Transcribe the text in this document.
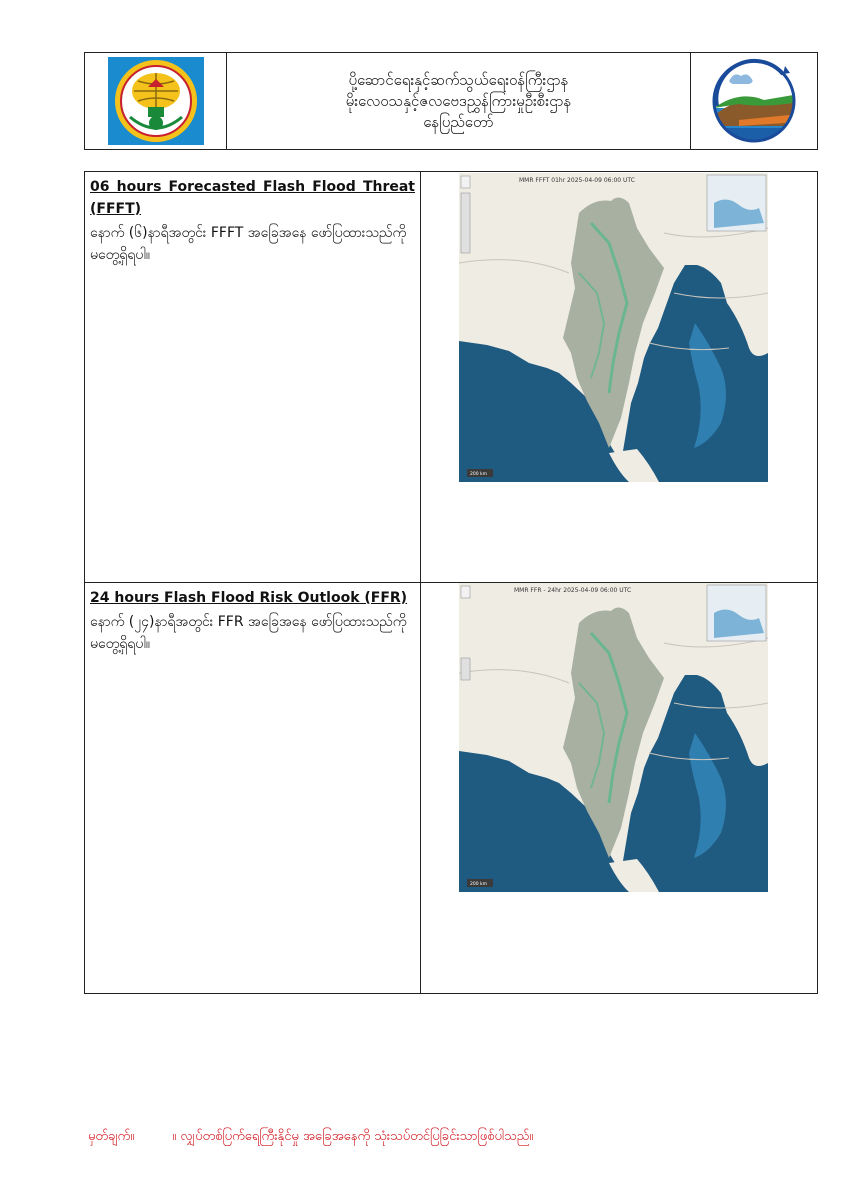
ပို့ဆောင်ရေးနှင့်ဆက်သွယ်ရေးဝန်ကြီးဌာန
မိုးလေဝသနှင့်ဇလဗေဒညွှန်ကြားမှုဦးစီးဌာန
နေပြည်တော်
06 hours Forecasted Flash Flood Threat (FFFT)
နောက် (၆)နာရီအတွင်း FFFT အခြေအနေ ဖော်ပြထားသည်ကို မတွေ့ရှိရပါ။
MMR FFFT 01hr 2025-04-09 06:00 UTC
200 km
24 hours Flash Flood Risk Outlook (FFR)
နောက် (၂၄)နာရီအတွင်း FFR အခြေအနေ ဖော်ပြထားသည်ကို မတွေ့ရှိရပါ။
MMR FFR - 24hr 2025-04-09 06:00 UTC
200 km
မှတ်ချက်။	။ လျှပ်တစ်ပြက်ရေကြီးနိုင်မှု အခြေအနေကို သုံးသပ်တင်ပြခြင်းသာဖြစ်ပါသည်။
